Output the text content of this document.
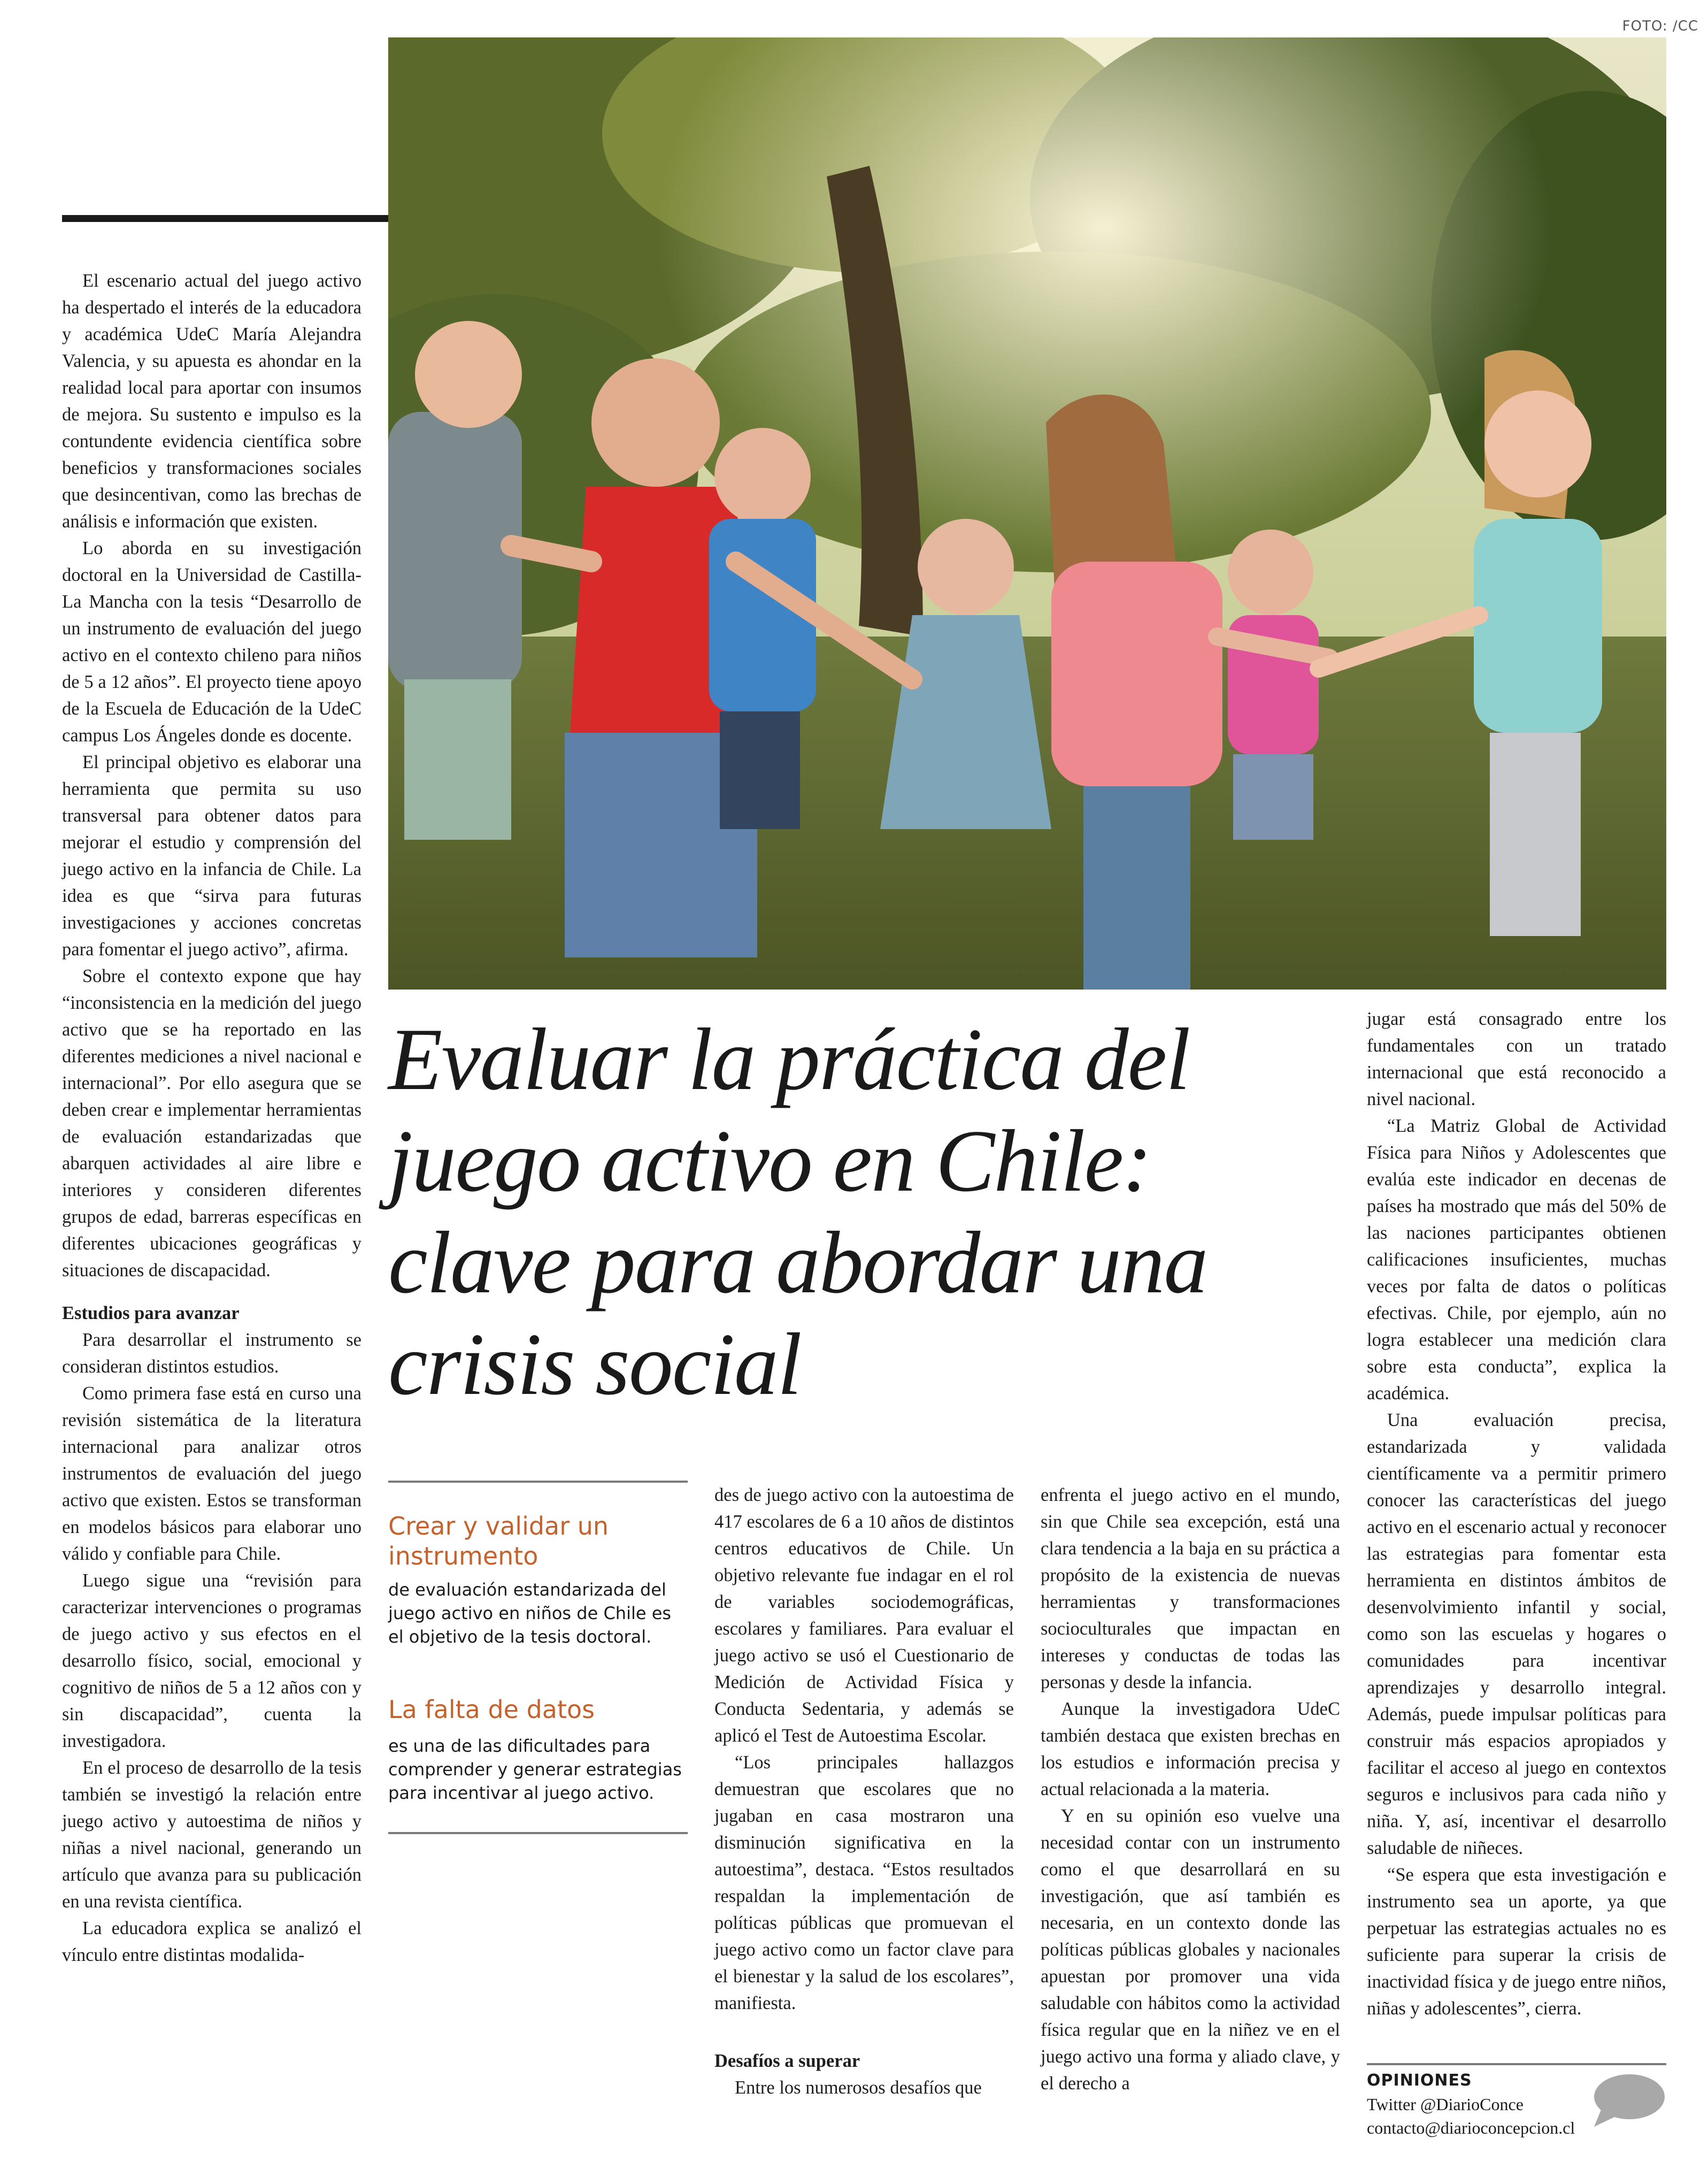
FOTO: /CC
Evaluar la práctica del juego activo en Chile: clave para abordar una crisis social

El escenario actual del juego activo ha despertado el interés de la educadora y académica UdeC María Alejandra Valencia, y su apuesta es ahondar en la realidad local para aportar con insumos de mejora. Su sustento e impulso es la contundente evidencia científica sobre beneficios y transformaciones sociales que desincentivan, como las brechas de análisis e información que existen.

Lo aborda en su investigación doctoral en la Universidad de Castilla-La Mancha con la tesis “Desarrollo de un instrumento de evaluación del juego activo en el contexto chileno para niños de 5 a 12 años”. El proyecto tiene apoyo de la Escuela de Educación de la UdeC campus Los Ángeles donde es docente.

El principal objetivo es elaborar una herramienta que permita su uso transversal para obtener datos para mejorar el estudio y comprensión del juego activo en la infancia de Chile. La idea es que “sirva para futuras investigaciones y acciones concretas para fomentar el juego activo”, afirma.

Sobre el contexto expone que hay “inconsistencia en la medición del juego activo que se ha reportado en las diferentes mediciones a nivel nacional e internacional”. Por ello asegura que se deben crear e implementar herramientas de evaluación estandarizadas que abarquen actividades al aire libre e interiores y consideren diferentes grupos de edad, barreras específicas en diferentes ubicaciones geográficas y situaciones de discapacidad.

Estudios para avanzar

Para desarrollar el instrumento se consideran distintos estudios.

Como primera fase está en curso una revisión sistemática de la literatura internacional para analizar otros instrumentos de evaluación del juego activo que existen. Estos se transforman en modelos básicos para elaborar uno válido y confiable para Chile.

Luego sigue una “revisión para caracterizar intervenciones o programas de juego activo y sus efectos en el desarrollo físico, social, emocional y cognitivo de niños de 5 a 12 años con y sin discapacidad”, cuenta la investigadora.

En el proceso de desarrollo de la tesis también se investigó la relación entre juego activo y autoestima de niños y niñas a nivel nacional, generando un artículo que avanza para su publicación en una revista científica.

La educadora explica se analizó el vínculo entre distintas modalida-

Crear y validar un instrumento
de evaluación estandarizada del juego activo en niños de Chile es el objetivo de la tesis doctoral.
La falta de datos
es una de las dificultades para comprender y generar estrategias para incentivar al juego activo.

des de juego activo con la autoestima de 417 escolares de 6 a 10 años de distintos centros educativos de Chile. Un objetivo relevante fue indagar en el rol de variables sociodemográficas, escolares y familiares. Para evaluar el juego activo se usó el Cuestionario de Medición de Actividad Física y Conducta Sedentaria, y además se aplicó el Test de Autoestima Escolar.

“Los principales hallazgos demuestran que escolares que no jugaban en casa mostraron una disminución significativa en la autoestima”, destaca. “Estos resultados respaldan la implementación de políticas públicas que promuevan el juego activo como un factor clave para el bienestar y la salud de los escolares”, manifiesta.

Desafíos a superar

Entre los numerosos desafíos que

enfrenta el juego activo en el mundo, sin que Chile sea excepción, está una clara tendencia a la baja en su práctica a propósito de la existencia de nuevas herramientas y transformaciones socioculturales que impactan en intereses y conductas de todas las personas y desde la infancia.

Aunque la investigadora UdeC también destaca que existen brechas en los estudios e información precisa y actual relacionada a la materia.

Y en su opinión eso vuelve una necesidad contar con un instrumento como el que desarrollará en su investigación, que así también es necesaria, en un contexto donde las políticas públicas globales y nacionales apuestan por promover una vida saludable con hábitos como la actividad física regular que en la niñez ve en el juego activo una forma y aliado clave, y el derecho a

jugar está consagrado entre los fundamentales con un tratado internacional que está reconocido a nivel nacional.

“La Matriz Global de Actividad Física para Niños y Adolescentes que evalúa este indicador en decenas de países ha mostrado que más del 50% de las naciones participantes obtienen calificaciones insuficientes, muchas veces por falta de datos o políticas efectivas. Chile, por ejemplo, aún no logra establecer una medición clara sobre esta conducta”, explica la académica.

Una evaluación precisa, estandarizada y validada científicamente va a permitir primero conocer las características del juego activo en el escenario actual y reconocer las estrategias para fomentar esta herramienta en distintos ámbitos de desenvolvimiento infantil y social, como son las escuelas y hogares o comunidades para incentivar aprendizajes y desarrollo integral. Además, puede impulsar políticas para construir más espacios apropiados y facilitar el acceso al juego en contextos seguros e inclusivos para cada niño y niña. Y, así, incentivar el desarrollo saludable de niñeces.

“Se espera que esta investigación e instrumento sea un aporte, ya que perpetuar las estrategias actuales no es suficiente para superar la crisis de inactividad física y de juego entre niños, niñas y adolescentes”, cierra.

OPINIONES
Twitter @DiarioConce
contacto@diarioconcepcion.cl
